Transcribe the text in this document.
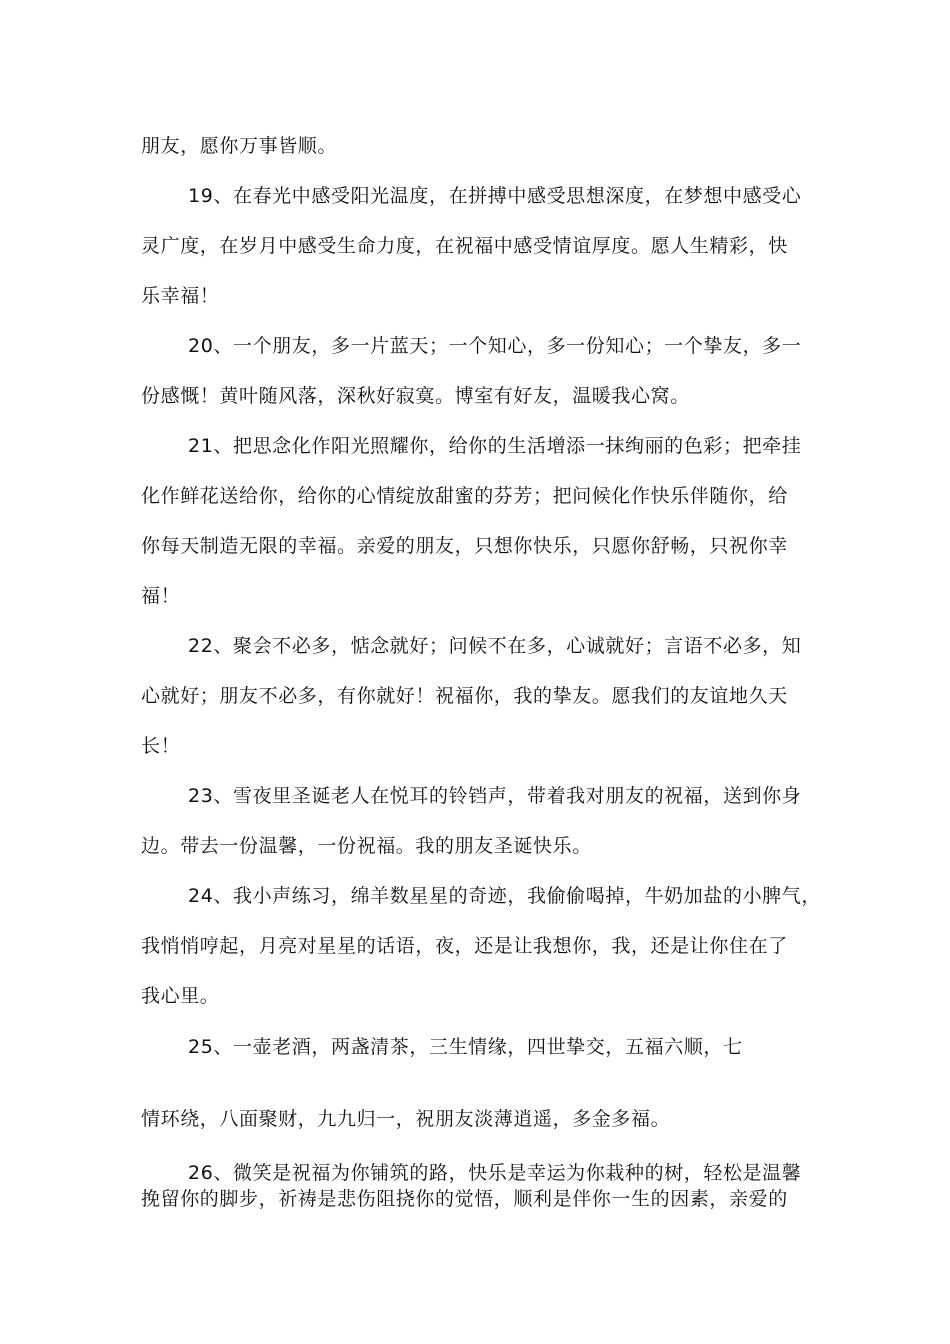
朋友，愿你万事皆顺。
19、在春光中感受阳光温度，在拼搏中感受思想深度，在梦想中感受心
灵广度，在岁月中感受生命力度，在祝福中感受情谊厚度。愿人生精彩，快
乐幸福！
20、一个朋友，多一片蓝天；一个知心，多一份知心；一个挚友，多一
份感慨！黄叶随风落，深秋好寂寞。博室有好友，温暖我心窝。
21、把思念化作阳光照耀你，给你的生活增添一抹绚丽的色彩；把牵挂
化作鲜花送给你，给你的心情绽放甜蜜的芬芳；把问候化作快乐伴随你，给
你每天制造无限的幸福。亲爱的朋友，只想你快乐，只愿你舒畅，只祝你幸
福！
22、聚会不必多，惦念就好；问候不在多，心诚就好；言语不必多，知
心就好；朋友不必多，有你就好！祝福你，我的挚友。愿我们的友谊地久天
长！
23、雪夜里圣诞老人在悦耳的铃铛声，带着我对朋友的祝福，送到你身
边。带去一份温馨，一份祝福。我的朋友圣诞快乐。
24、我小声练习，绵羊数星星的奇迹，我偷偷喝掉，牛奶加盐的小脾气，
我悄悄哼起，月亮对星星的话语，夜，还是让我想你，我，还是让你住在了
我心里。
25、一壶老酒，两盏清茶，三生情缘，四世挚交，五福六顺，七
情环绕，八面聚财，九九归一，祝朋友淡薄逍遥，多金多福。
26、微笑是祝福为你铺筑的路，快乐是幸运为你栽种的树，轻松是温馨
挽留你的脚步，祈祷是悲伤阻挠你的觉悟，顺利是伴你一生的因素，亲爱的
